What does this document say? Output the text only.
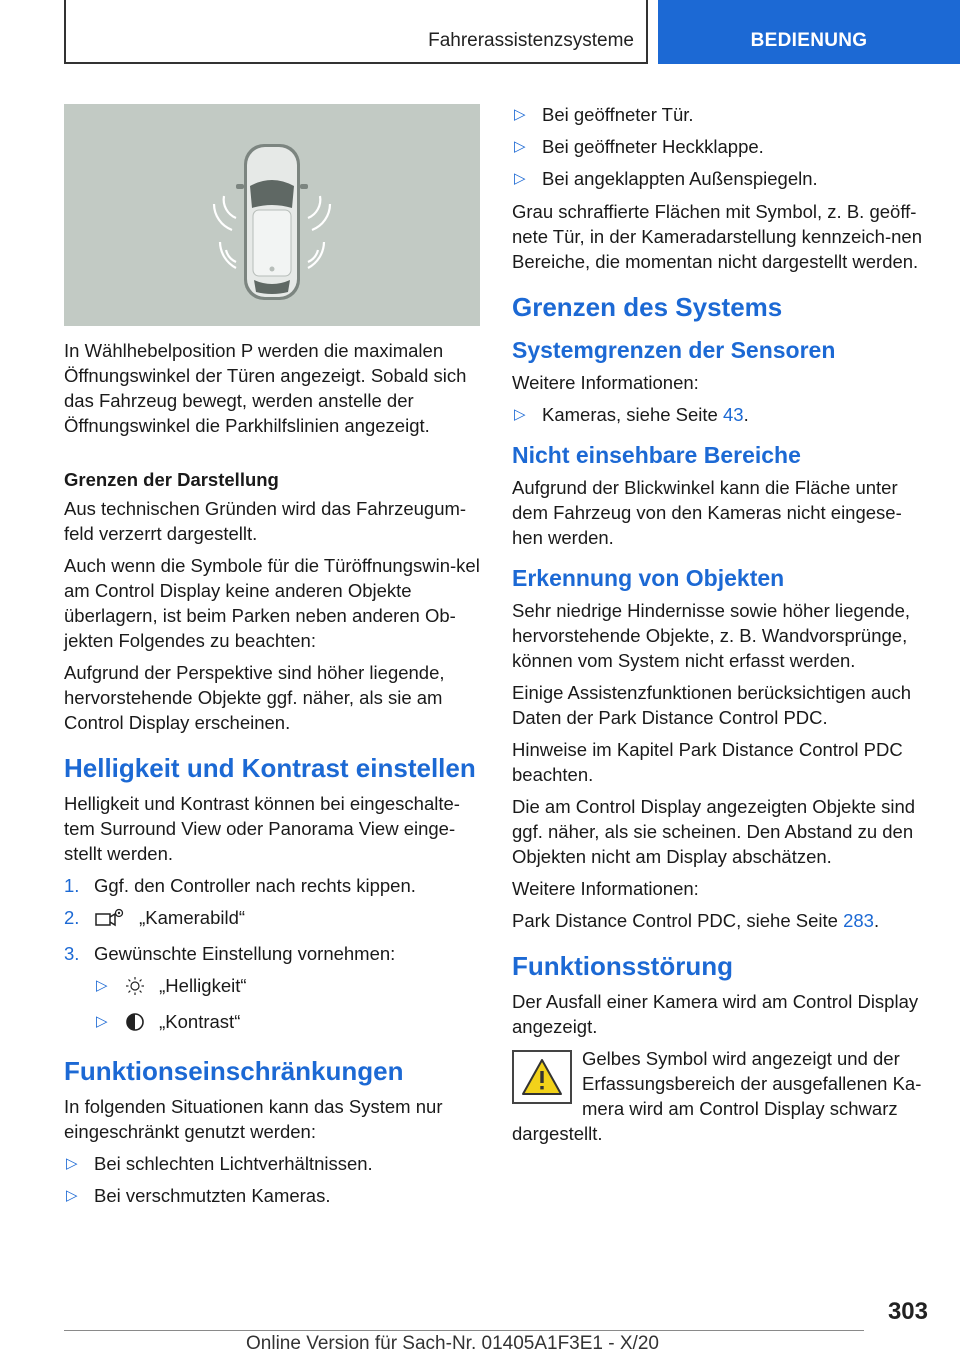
Fahrerassistenzsysteme	BEDIENUNG

In Wählhebelposition P werden die maximalen Öffnungswinkel der Türen angezeigt. Sobald sich das Fahrzeug bewegt, werden anstelle der Öffnungswinkel die Parkhilfslinien angezeigt.

Grenzen der Darstellung

Aus technischen Gründen wird das Fahrzeugum-feld verzerrt dargestellt.

Auch wenn die Symbole für die Türöffnungswin-kel am Control Display keine anderen Objekte überlagern, ist beim Parken neben anderen Ob-jekten Folgendes zu beachten:

Aufgrund der Perspektive sind höher liegende, hervorstehende Objekte ggf. näher, als sie am Control Display erscheinen.

Helligkeit und Kontrast einstellen

Helligkeit und Kontrast können bei eingeschalte-tem Surround View oder Panorama View einge-stellt werden.

1. Ggf. den Controller nach rechts kippen.
2.	„Kamerabild“
3. Gewünschte Einstellung vornehmen:
▷	„Helligkeit“
▷	„Kontrast“
Funktionseinschränkungen

In folgenden Situationen kann das System nur eingeschränkt genutzt werden:

▷ Bei schlechten Lichtverhältnissen.
▷ Bei verschmutzten Kameras.
▷ Bei geöffneter Tür.
▷ Bei geöffneter Heckklappe.
▷ Bei angeklappten Außenspiegeln.

Grau schraffierte Flächen mit Symbol, z. B. geöff-nete Tür, in der Kameradarstellung kennzeich-nen Bereiche, die momentan nicht dargestellt werden.

Grenzen des Systems
Systemgrenzen der Sensoren

Weitere Informationen:

▷ Kameras, siehe Seite 43.
Nicht einsehbare Bereiche

Aufgrund der Blickwinkel kann die Fläche unter dem Fahrzeug von den Kameras nicht eingese-hen werden.

Erkennung von Objekten

Sehr niedrige Hindernisse sowie höher liegende, hervorstehende Objekte, z. B. Wandvorsprünge, können vom System nicht erfasst werden.

Einige Assistenzfunktionen berücksichtigen auch Daten der Park Distance Control PDC.

Hinweise im Kapitel Park Distance Control PDC beachten.

Die am Control Display angezeigten Objekte sind ggf. näher, als sie scheinen. Den Abstand zu den Objekten nicht am Display abschätzen.

Weitere Informationen:

Park Distance Control PDC, siehe Seite 283.

Funktionsstörung

Der Ausfall einer Kamera wird am Control Display angezeigt.

Gelbes Symbol wird angezeigt und der Erfassungsbereich der ausgefallenen Ka-mera wird am Control Display schwarz dargestellt.

303
Online Version für Sach-Nr. 01405A1F3E1 - X/20
